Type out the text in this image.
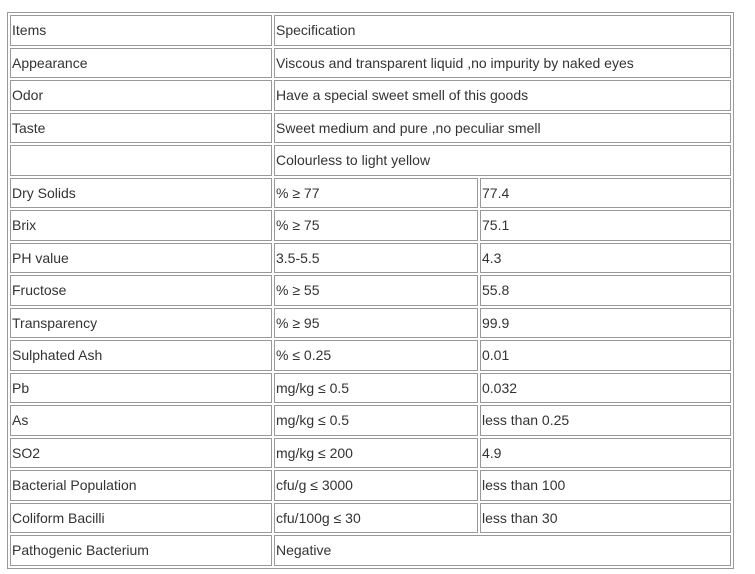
Items	Specification	
Appearance	Viscous and transparent liquid ,no impurity by naked eyes	
Odor	Have a special sweet smell of this goods	
Taste	Sweet medium and pure ,no peculiar smell	
	Colourless to light yellow	
Dry Solids	% ≥ 77	77.4
Brix	% ≥ 75	75.1
PH value	3.5-5.5	4.3
Fructose	% ≥ 55	55.8
Transparency	% ≥ 95	99.9
Sulphated Ash	% ≤ 0.25	0.01
Pb	mg/kg ≤ 0.5	0.032
As	mg/kg ≤ 0.5	less than 0.25
SO2	mg/kg ≤ 200	4.9
Bacterial Population	cfu/g ≤ 3000	less than 100
Coliform Bacilli	cfu/100g ≤ 30	less than 30
Pathogenic Bacterium	Negative	
